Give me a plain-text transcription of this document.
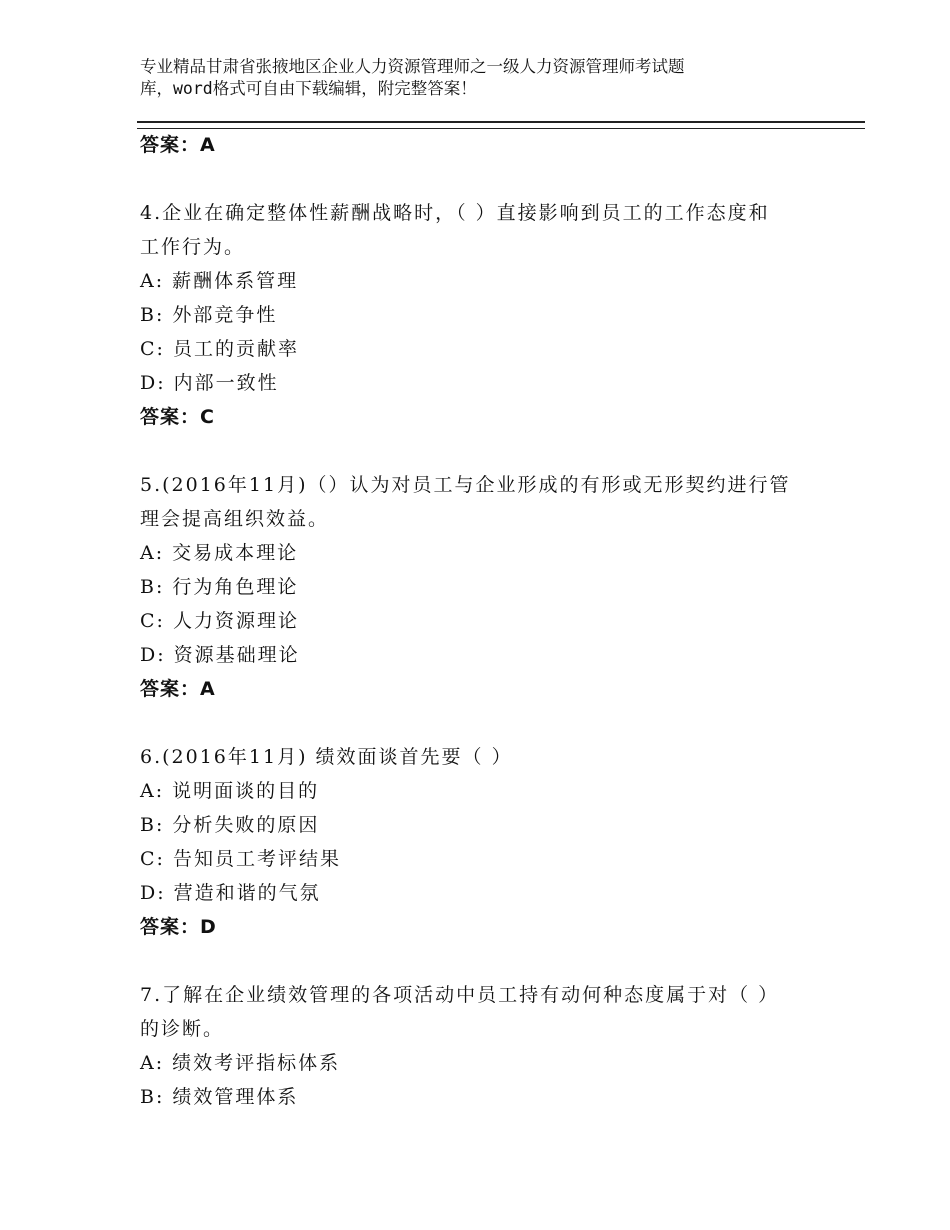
专业精品甘肃省张掖地区企业人力资源管理师之一级人力资源管理师考试题
库，word格式可自由下载编辑，附完整答案！
答案：A
4.企业在确定整体性薪酬战略时，（ ）直接影响到员工的工作态度和
工作行为。
A: 薪酬体系管理
B: 外部竞争性
C: 员工的贡献率
D: 内部一致性
答案：C
5.(2016年11月)（）认为对员工与企业形成的有形或无形契约进行管
理会提高组织效益。
A: 交易成本理论
B: 行为角色理论
C: 人力资源理论
D: 资源基础理论
答案：A
6.(2016年11月) 绩效面谈首先要（ ）
A: 说明面谈的目的
B: 分析失败的原因
C: 告知员工考评结果
D: 营造和谐的气氛
答案：D
7.了解在企业绩效管理的各项活动中员工持有动何种态度属于对（ ）
的诊断。
A: 绩效考评指标体系
B: 绩效管理体系
